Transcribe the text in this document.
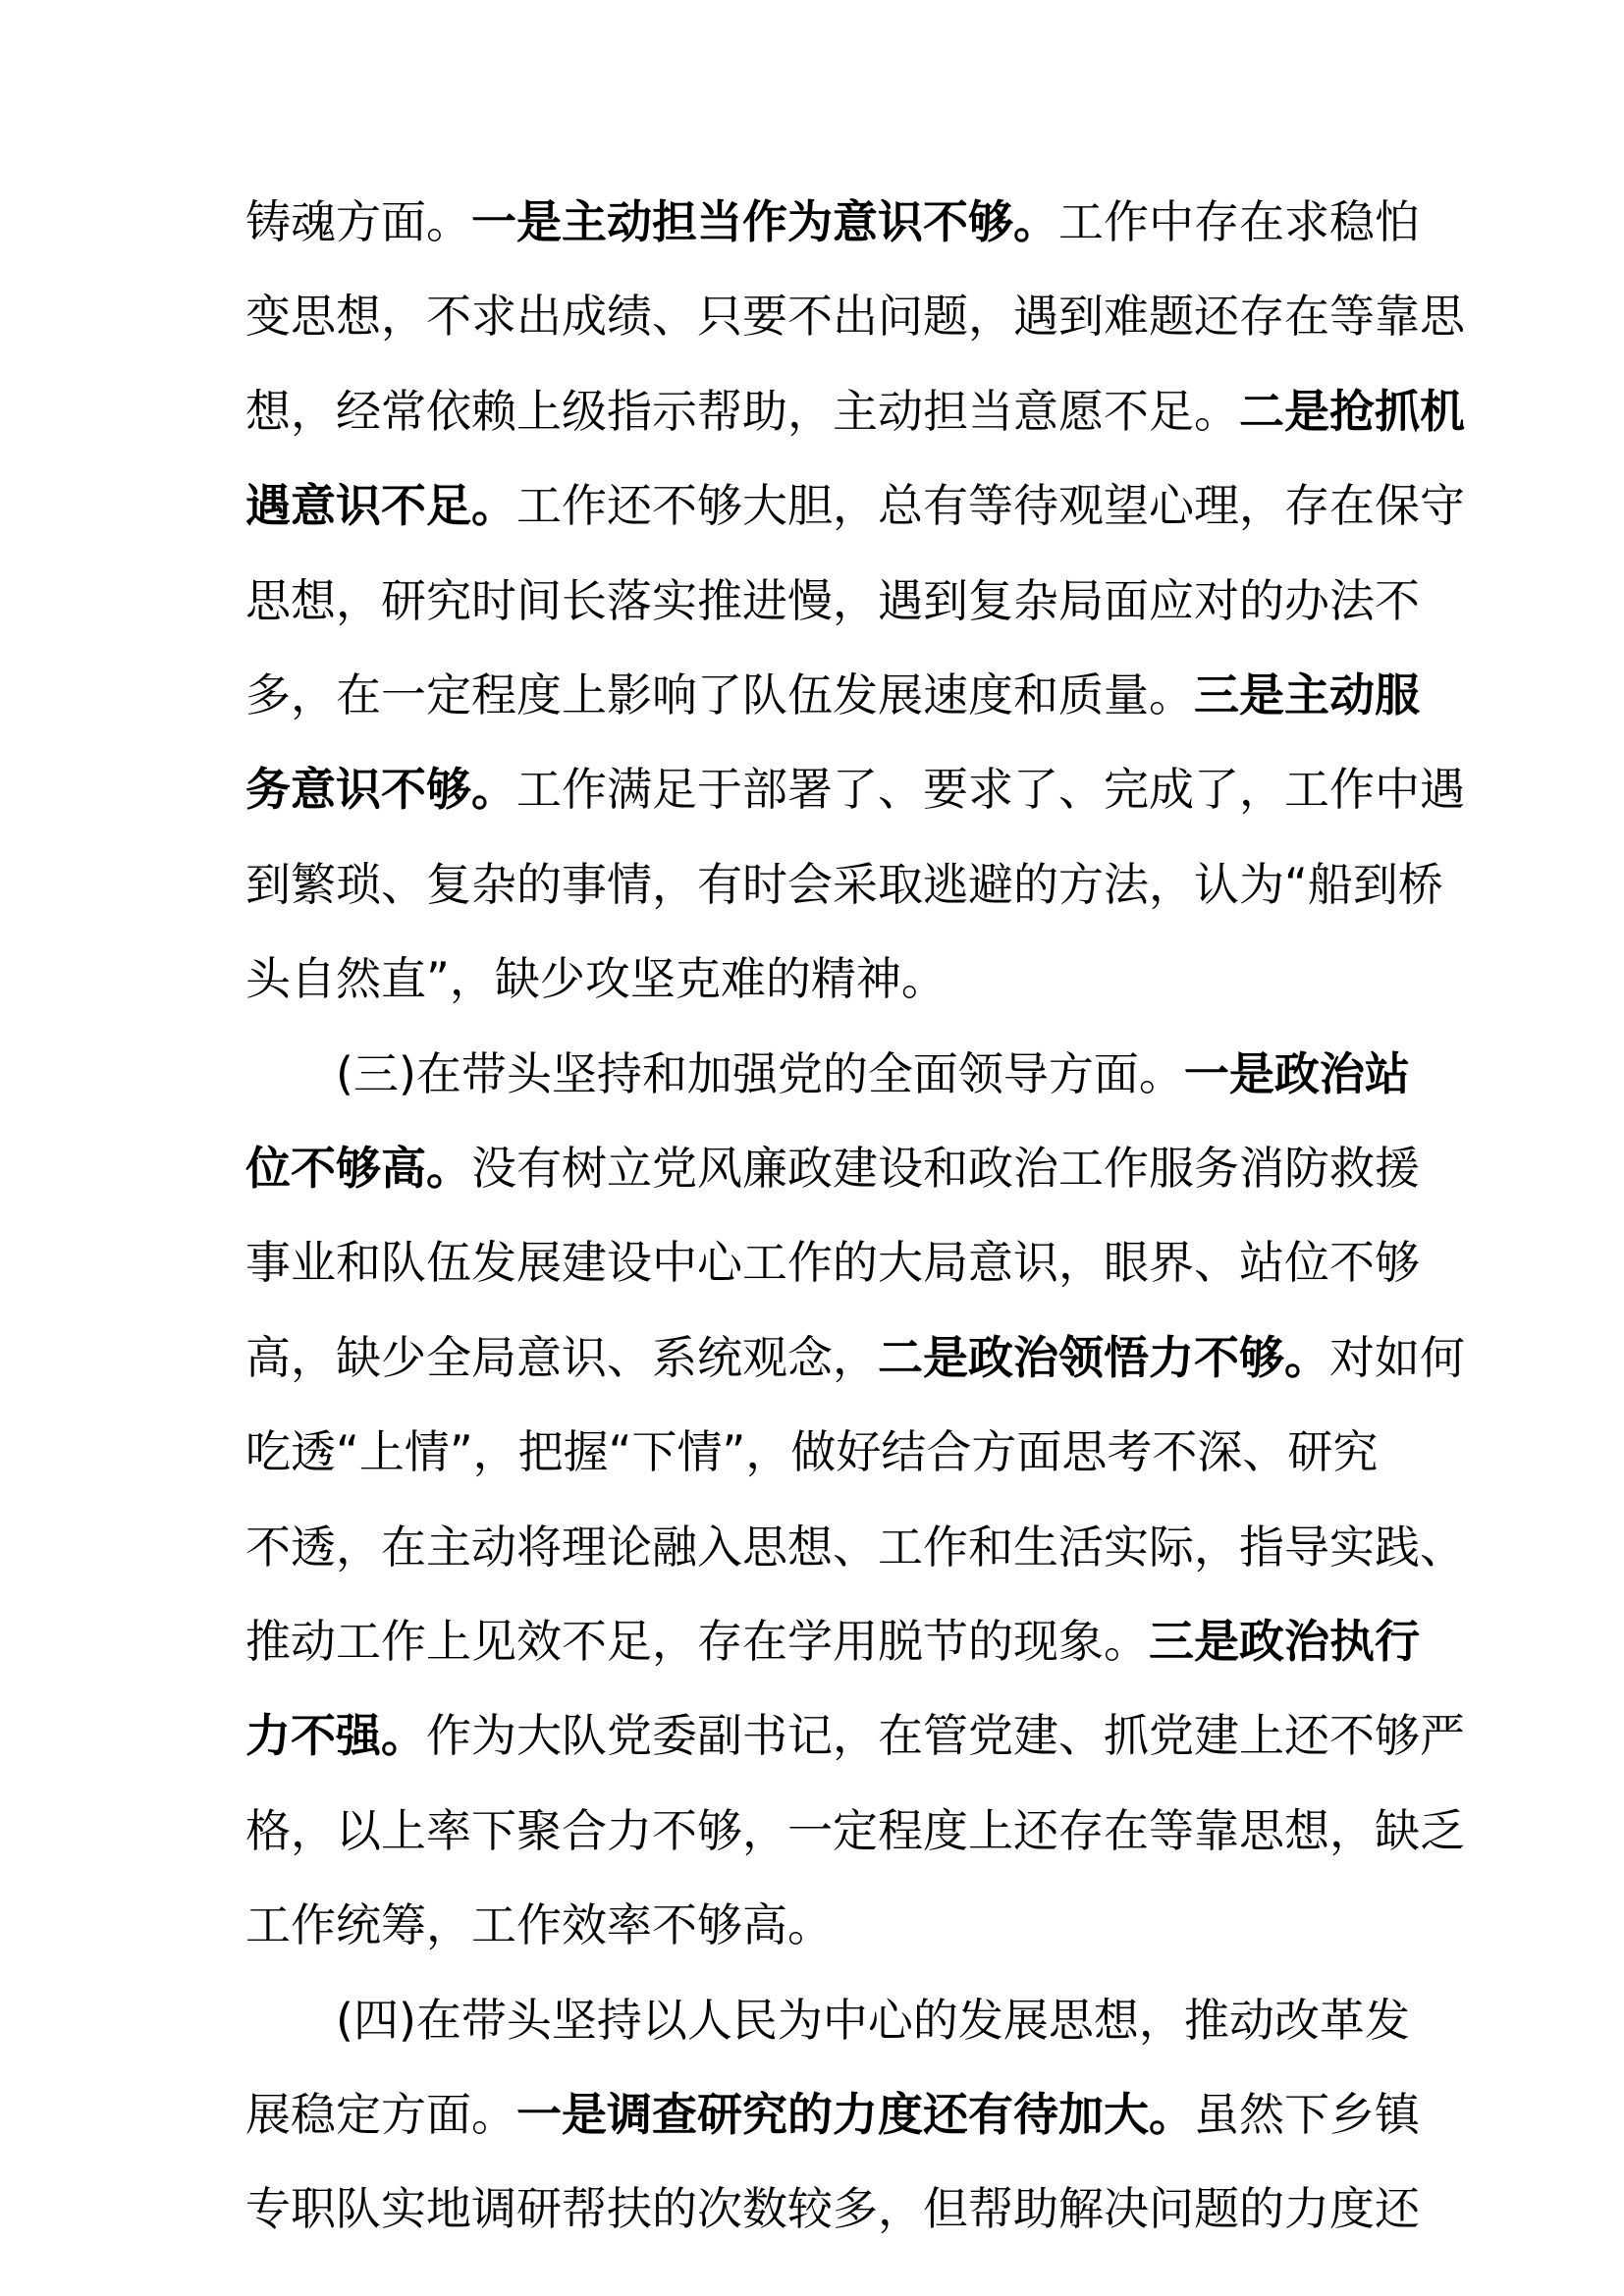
铸魂方面。一是主动担当作为意识不够。工作中存在求稳怕
变思想，不求出成绩、只要不出问题，遇到难题还存在等靠思
想，经常依赖上级指示帮助，主动担当意愿不足。二是抢抓机
遇意识不足。工作还不够大胆，总有等待观望心理，存在保守
思想，研究时间长落实推进慢，遇到复杂局面应对的办法不
多，在一定程度上影响了队伍发展速度和质量。三是主动服
务意识不够。工作满足于部署了、要求了、完成了，工作中遇
到繁琐、复杂的事情，有时会采取逃避的方法，认为“船到桥
头自然直”，缺少攻坚克难的精神。
(三)在带头坚持和加强党的全面领导方面。一是政治站
位不够高。没有树立党风廉政建设和政治工作服务消防救援
事业和队伍发展建设中心工作的大局意识，眼界、站位不够
高，缺少全局意识、系统观念，二是政治领悟力不够。对如何
吃透“上情”，把握“下情”，做好结合方面思考不深、研究
不透，在主动将理论融入思想、工作和生活实际，指导实践、
推动工作上见效不足，存在学用脱节的现象。三是政治执行
力不强。作为大队党委副书记，在管党建、抓党建上还不够严
格，以上率下聚合力不够，一定程度上还存在等靠思想，缺乏
工作统筹，工作效率不够高。
(四)在带头坚持以人民为中心的发展思想，推动改革发
展稳定方面。一是调查研究的力度还有待加大。虽然下乡镇
专职队实地调研帮扶的次数较多，但帮助解决问题的力度还
